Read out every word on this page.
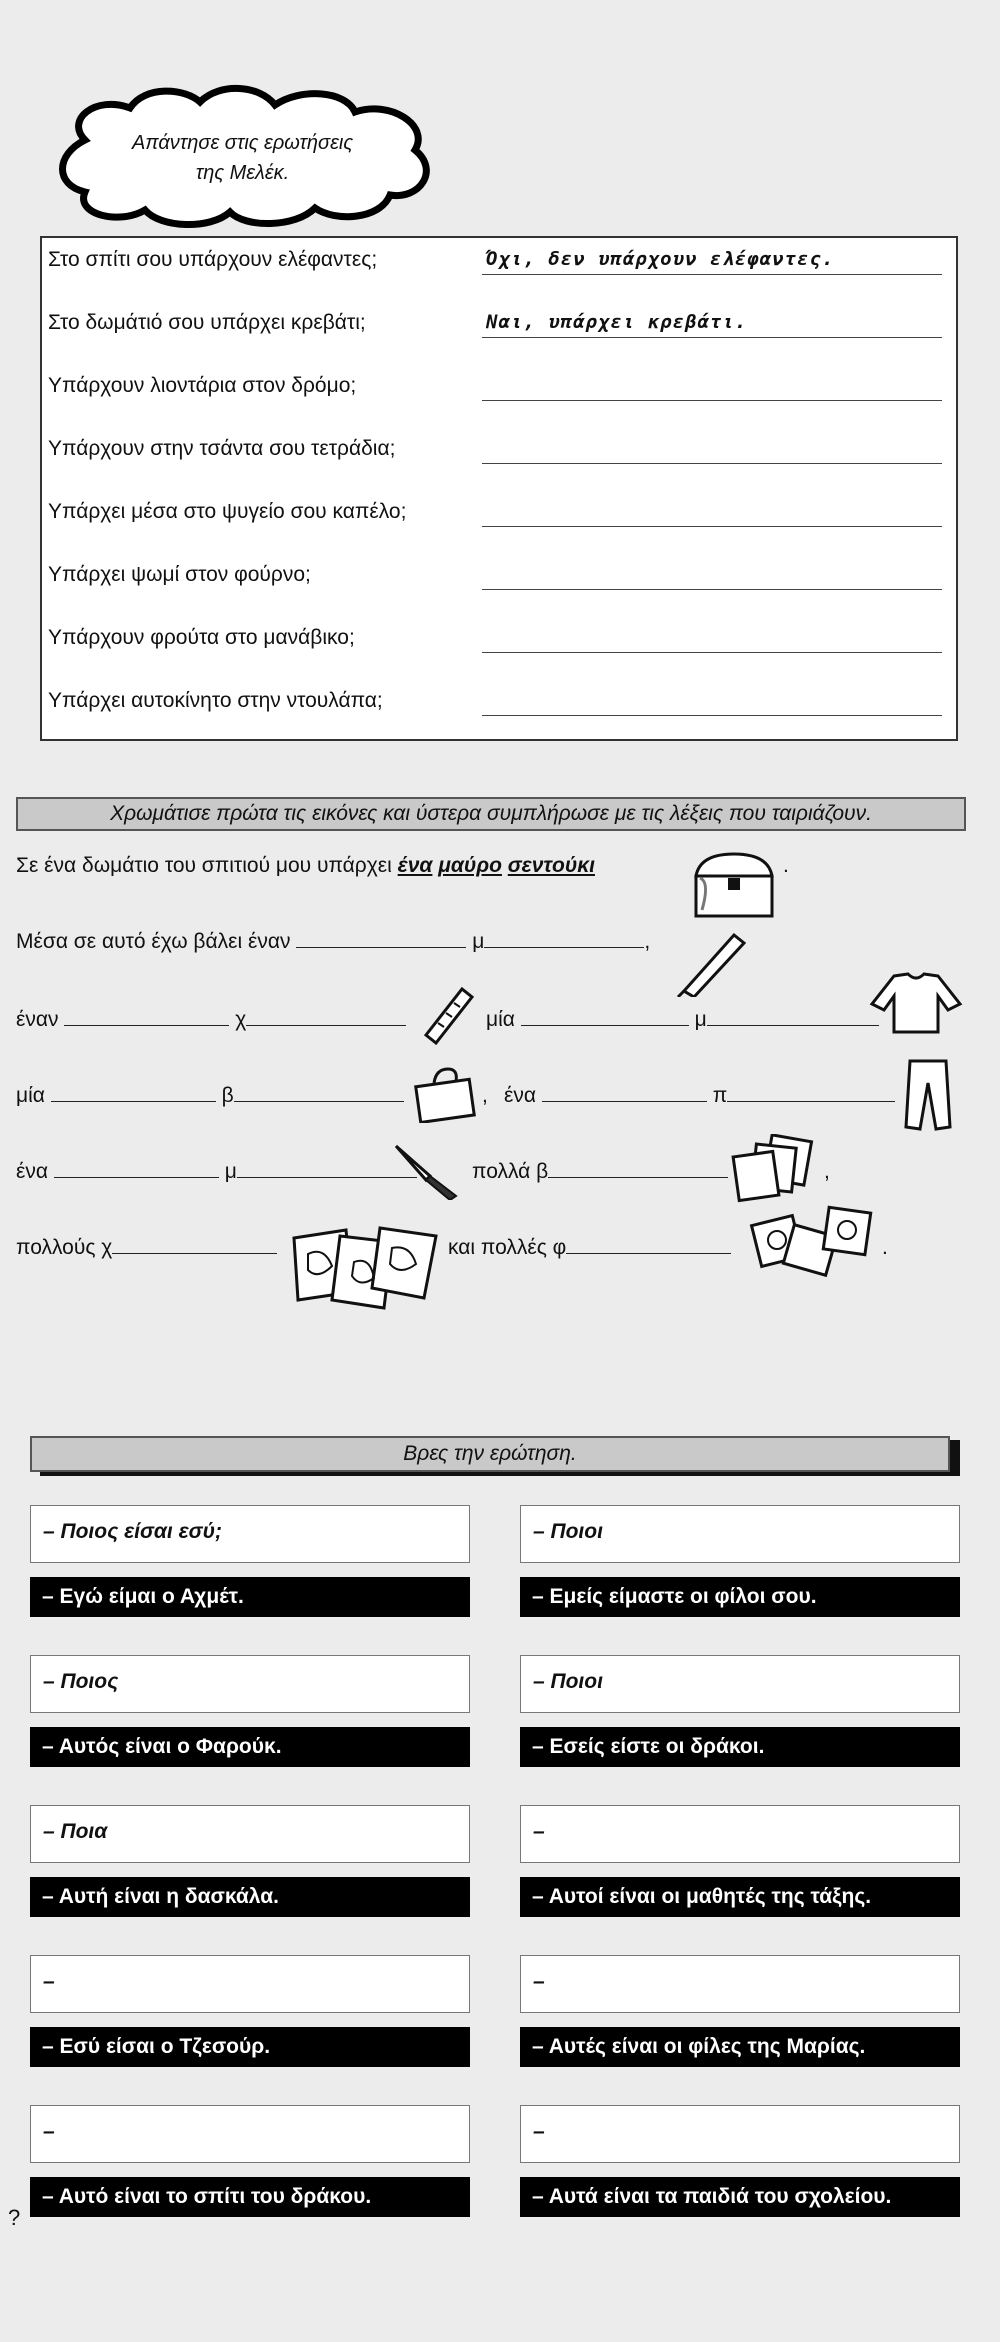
Απάντησε στις ερωτήσεις
της Μελέκ.
Στο σπίτι σου υπάρχουν ελέφαντες;	Όχι, δεν υπάρχουν ελέφαντες.
Στο δωμάτιό σου υπάρχει κρεβάτι;	Ναι, υπάρχει κρεβάτι.
Υπάρχουν λιοντάρια στον δρόμο;
Υπάρχουν στην τσάντα σου τετράδια;
Υπάρχει μέσα στο ψυγείο σου καπέλο;
Υπάρχει ψωμί στον φούρνο;
Υπάρχουν φρούτα στο μανάβικο;
Υπάρχει αυτοκίνητο στην ντουλάπα;
Χρωμάτισε πρώτα τις εικόνες και ύστερα συμπλήρωσε με τις λέξεις που ταιριάζουν.
Σε ένα δωμάτιο του σπιτιού μου υπάρχει ένα μαύρο σεντούκι	.
Μέσα σε αυτό έχω βάλει έναν	μ	,
έναν	χ	μία	μ
μία	β	, ένα	π
ένα	μ	πολλά β	,
πολλούς χ	και πολλές φ	.
Βρες την ερώτηση.
– Ποιος είσαι εσύ;
– Εγώ είμαι ο Αχμέτ.
– Ποιοι
– Εμείς είμαστε οι φίλοι σου.
– Ποιος
– Αυτός είναι ο Φαρούκ.
– Ποιοι
– Εσείς είστε οι δράκοι.
– Ποια
– Αυτή είναι η δασκάλα.
–
– Αυτοί είναι οι μαθητές της τάξης.
–
– Εσύ είσαι ο Τζεσούρ.
–
– Αυτές είναι οι φίλες της Μαρίας.
–
– Αυτό είναι το σπίτι του δράκου.
–
– Αυτά είναι τα παιδιά του σχολείου.
?
